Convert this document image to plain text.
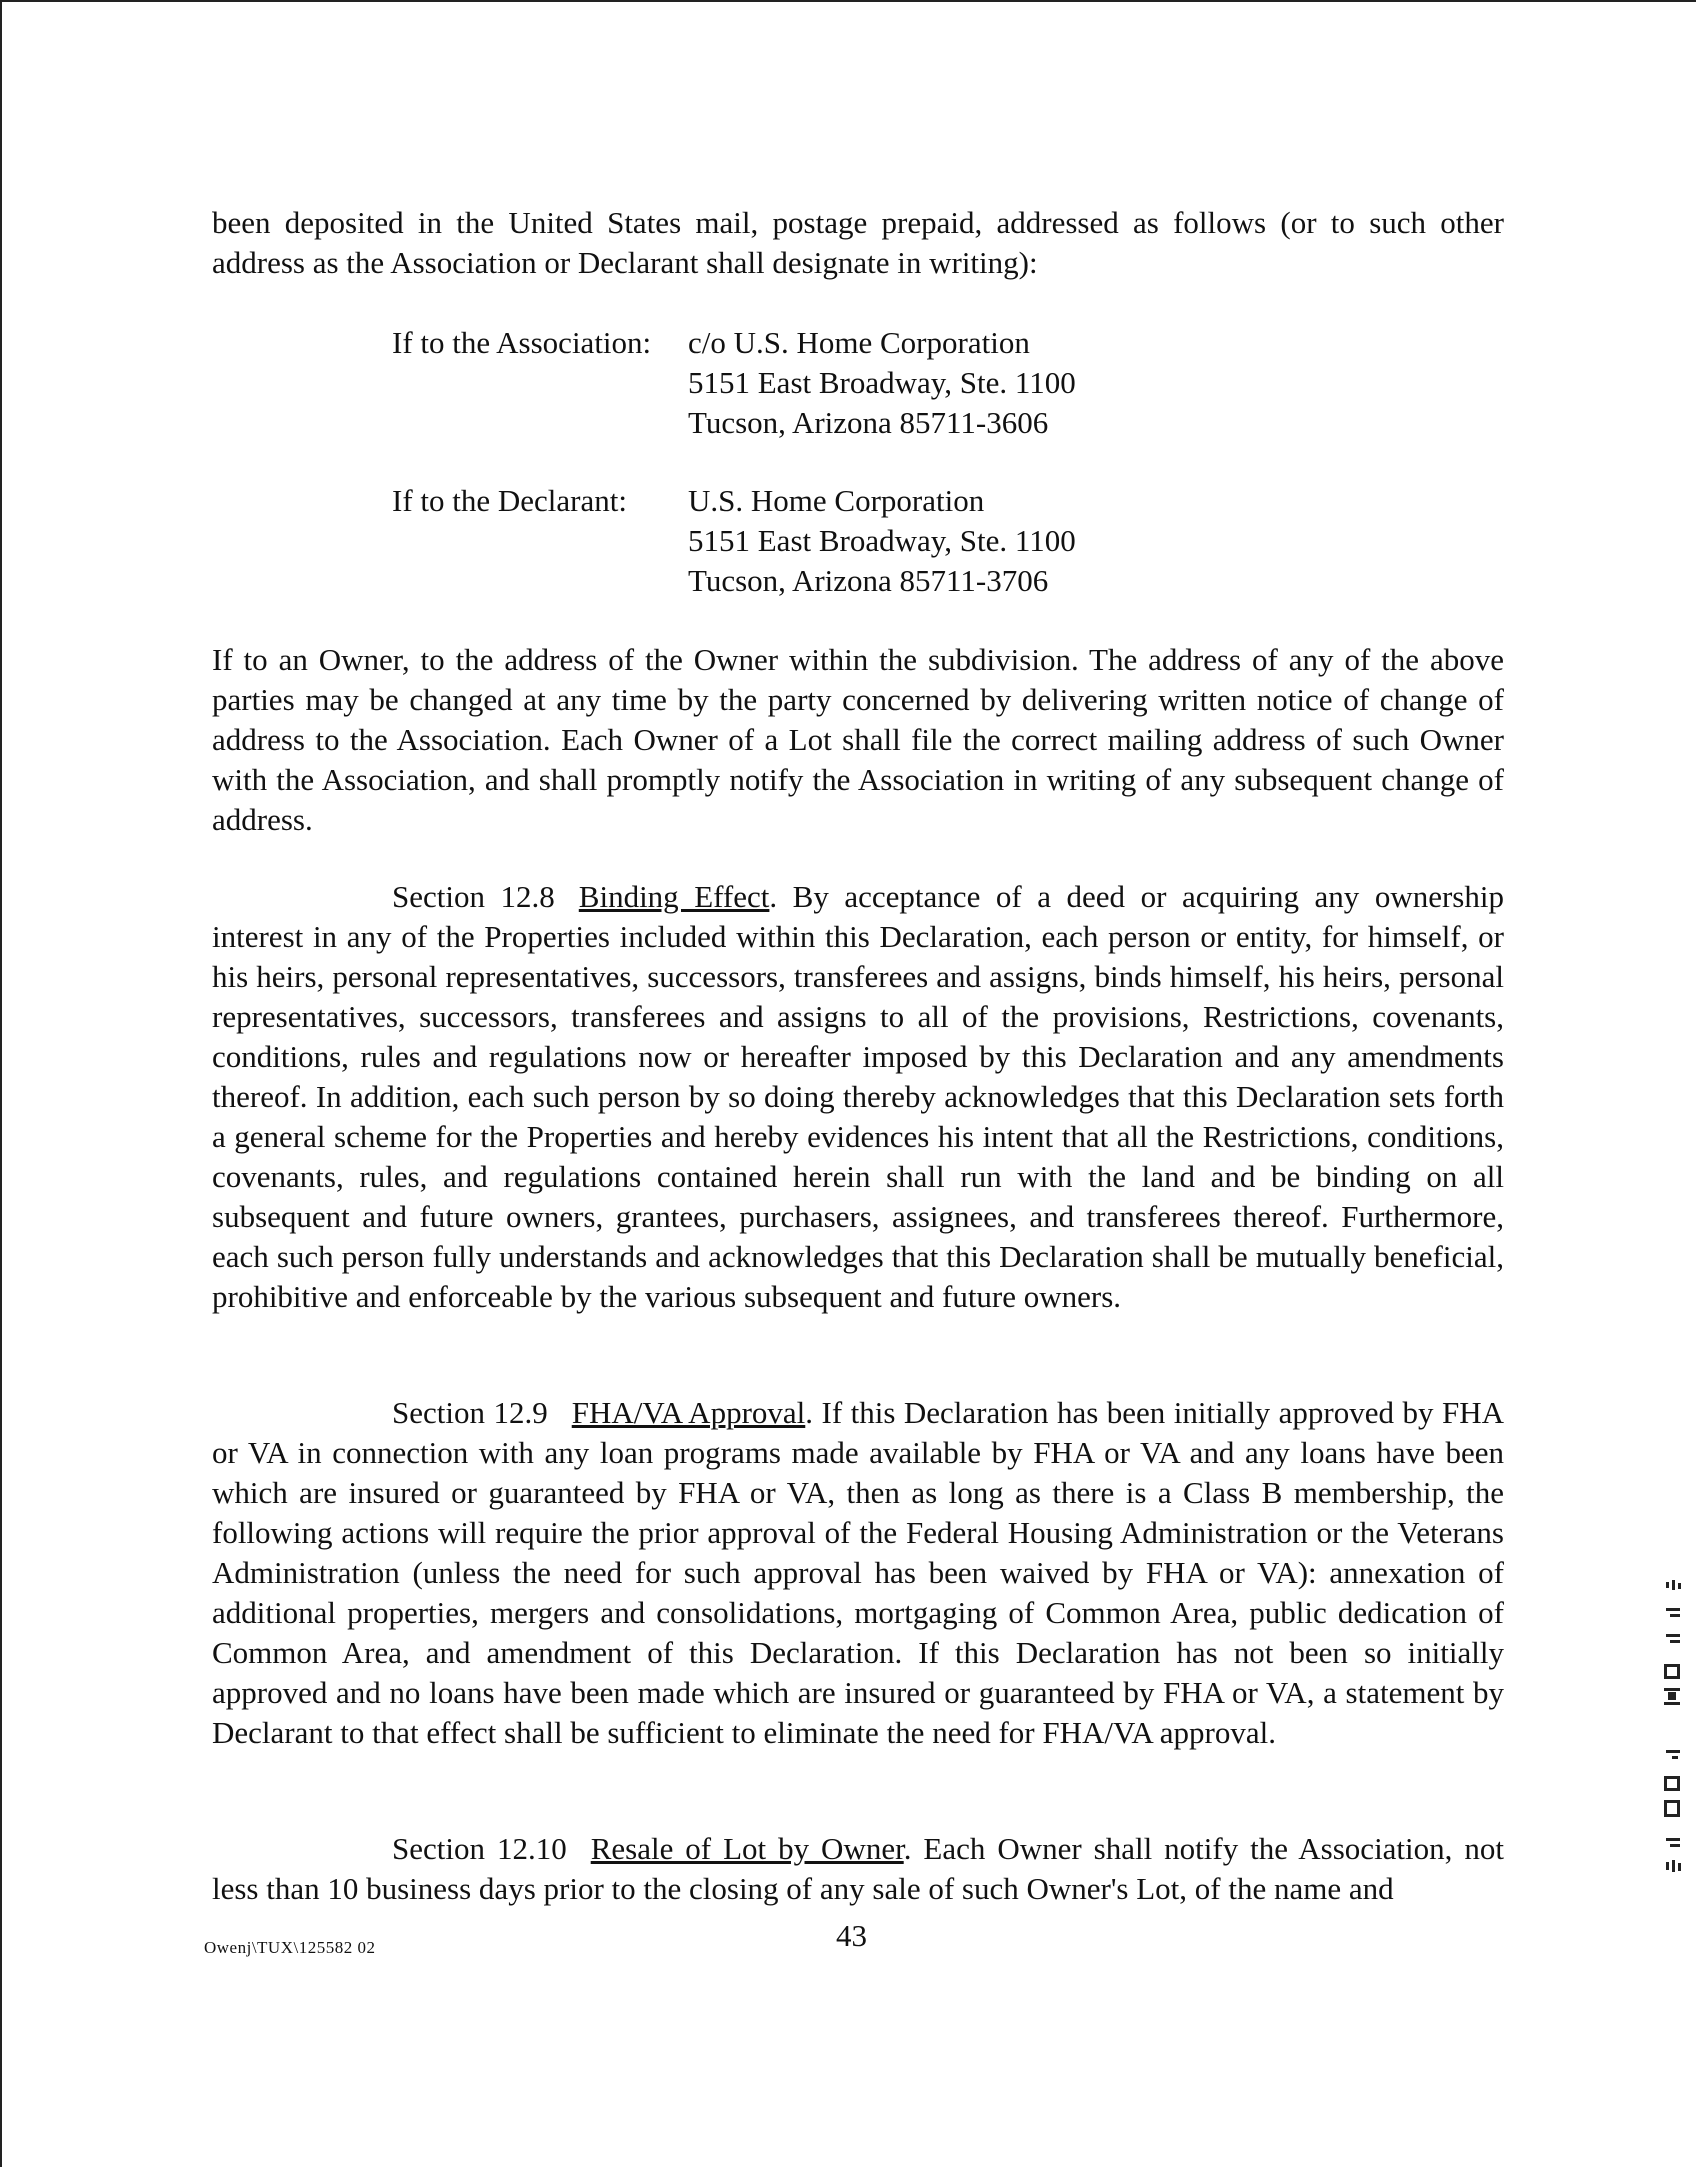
been deposited in the United States mail, postage prepaid, addressed as follows (or to such other address as the Association or Declarant shall designate in writing):

If to the Association: c/o U.S. Home Corporation
5151 East Broadway, Ste. 1100
Tucson, Arizona 85711-3606
If to the Declarant: U.S. Home Corporation
5151 East Broadway, Ste. 1100
Tucson, Arizona 85711-3706

If to an Owner, to the address of the Owner within the subdivision. The address of any of the above parties may be changed at any time by the party concerned by delivering written notice of change of address to the Association. Each Owner of a Lot shall file the correct mailing address of such Owner with the Association, and shall promptly notify the Association in writing of any subsequent change of address.

Section 12.8 Binding Effect. By acceptance of a deed or acquiring any ownership interest in any of the Properties included within this Declaration, each person or entity, for himself, or his heirs, personal representatives, successors, transferees and assigns, binds himself, his heirs, personal representatives, successors, transferees and assigns to all of the provisions, Restrictions, covenants, conditions, rules and regulations now or hereafter imposed by this Declaration and any amendments thereof. In addition, each such person by so doing thereby acknowledges that this Declaration sets forth a general scheme for the Properties and hereby evidences his intent that all the Restrictions, conditions, covenants, rules, and regulations contained herein shall run with the land and be binding on all subsequent and future owners, grantees, purchasers, assignees, and transferees thereof. Furthermore, each such person fully understands and acknowledges that this Declaration shall be mutually beneficial, prohibitive and enforceable by the various subsequent and future owners.

Section 12.9 FHA/VA Approval. If this Declaration has been initially approved by FHA or VA in connection with any loan programs made available by FHA or VA and any loans have been which are insured or guaranteed by FHA or VA, then as long as there is a Class B membership, the following actions will require the prior approval of the Federal Housing Administration or the Veterans Administration (unless the need for such approval has been waived by FHA or VA): annexation of additional properties, mergers and consolidations, mortgaging of Common Area, public dedication of Common Area, and amendment of this Declaration. If this Declaration has not been so initially approved and no loans have been made which are insured or guaranteed by FHA or VA, a statement by Declarant to that effect shall be sufficient to eliminate the need for FHA/VA approval.

Section 12.10 Resale of Lot by Owner. Each Owner shall notify the Association, not less than 10 business days prior to the closing of any sale of such Owner's Lot, of the name and

Owenj\TUX\125582 02	43
